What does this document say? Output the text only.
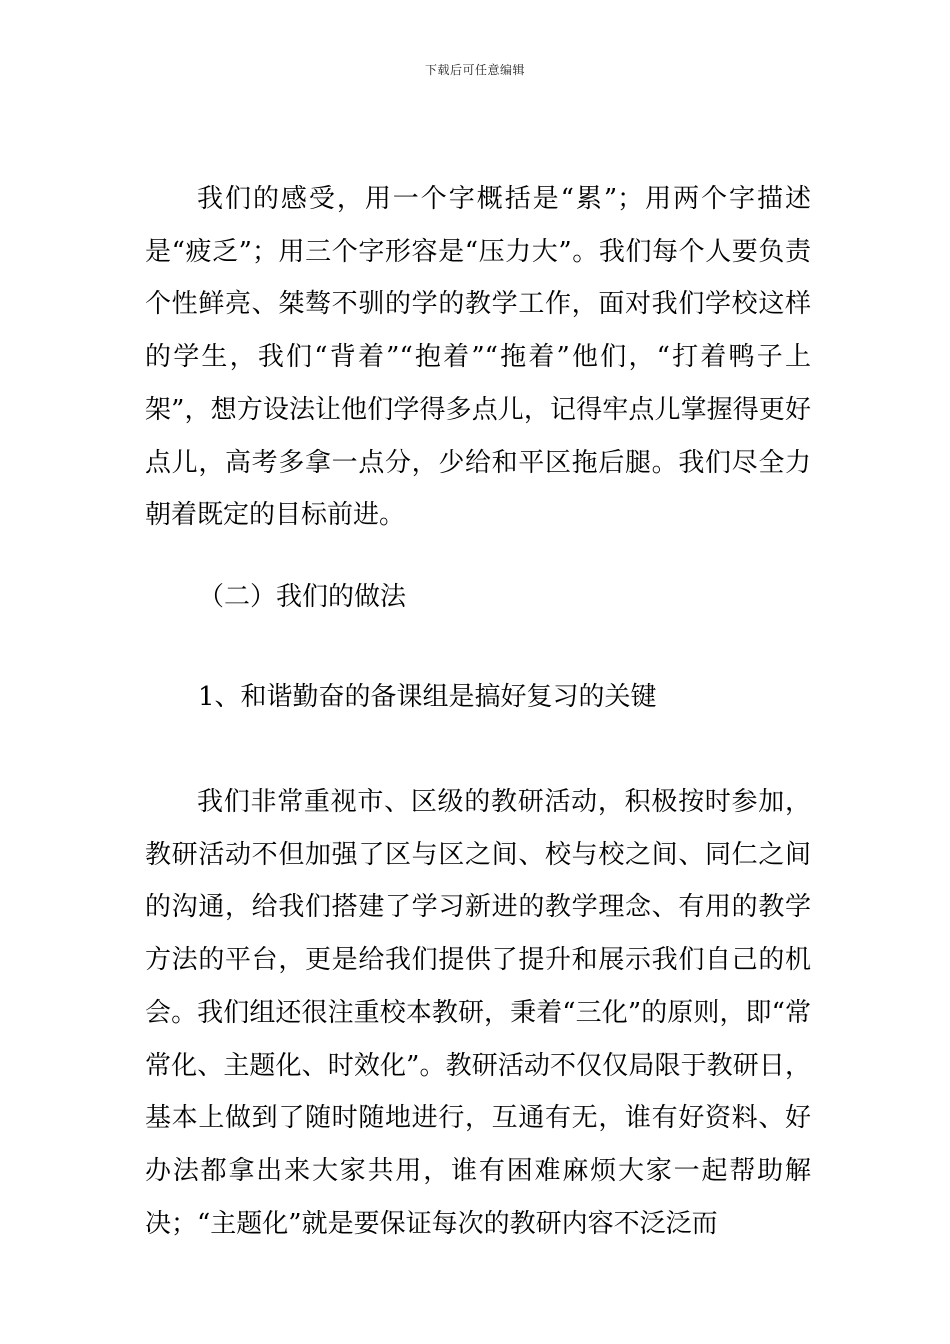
下载后可任意编辑

我们的感受，用一个字概括是“累”；用两个字描述是“疲乏”；用三个字形容是“压力大”。我们每个人要负责个性鲜亮、桀骜不驯的学的教学工作，面对我们学校这样的学生，我们“背着”“抱着”“拖着”他们，“打着鸭子上架”，想方设法让他们学得多点儿，记得牢点儿掌握得更好点儿，高考多拿一点分，少给和平区拖后腿。我们尽全力朝着既定的目标前进。

（二）我们的做法
1、和谐勤奋的备课组是搞好复习的关键

我们非常重视市、区级的教研活动，积极按时参加，教研活动不但加强了区与区之间、校与校之间、同仁之间的沟通，给我们搭建了学习新进的教学理念、有用的教学方法的平台，更是给我们提供了提升和展示我们自己的机会。我们组还很注重校本教研，秉着“三化”的原则，即“常常化、主题化、时效化”。教研活动不仅仅局限于教研日，基本上做到了随时随地进行，互通有无，谁有好资料、好办法都拿出来大家共用，谁有困难麻烦大家一起帮助解决；“主题化”就是要保证每次的教研内容不泛泛而
